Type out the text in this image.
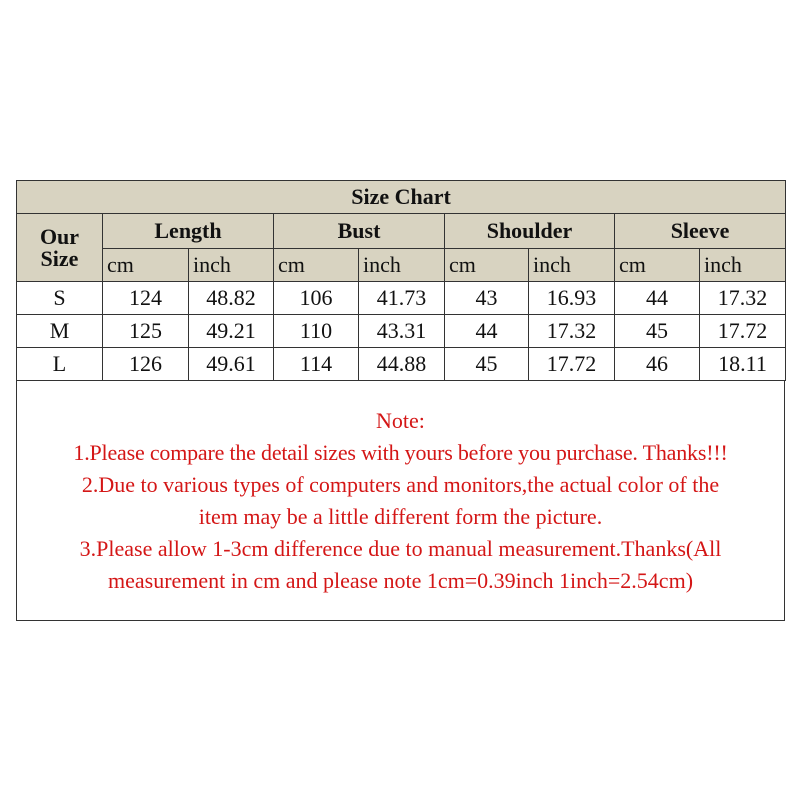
Size Chart								
Our
Size	Length		Bust		Shoulder		Sleeve	
	cm	inch	cm	inch	cm	inch	cm	inch
S	124	48.82	106	41.73	43	16.93	44	17.32
M	125	49.21	110	43.31	44	17.32	45	17.72
L	126	49.61	114	44.88	45	17.72	46	18.11
Note:
1.Please compare the detail sizes with yours before you purchase. Thanks!!!
2.Due to various types of computers and monitors,the actual color of the
item may be a little different form the picture.
3.Please allow 1-3cm difference due to manual measurement.Thanks(All
measurement in cm and please note 1cm=0.39inch 1inch=2.54cm)
